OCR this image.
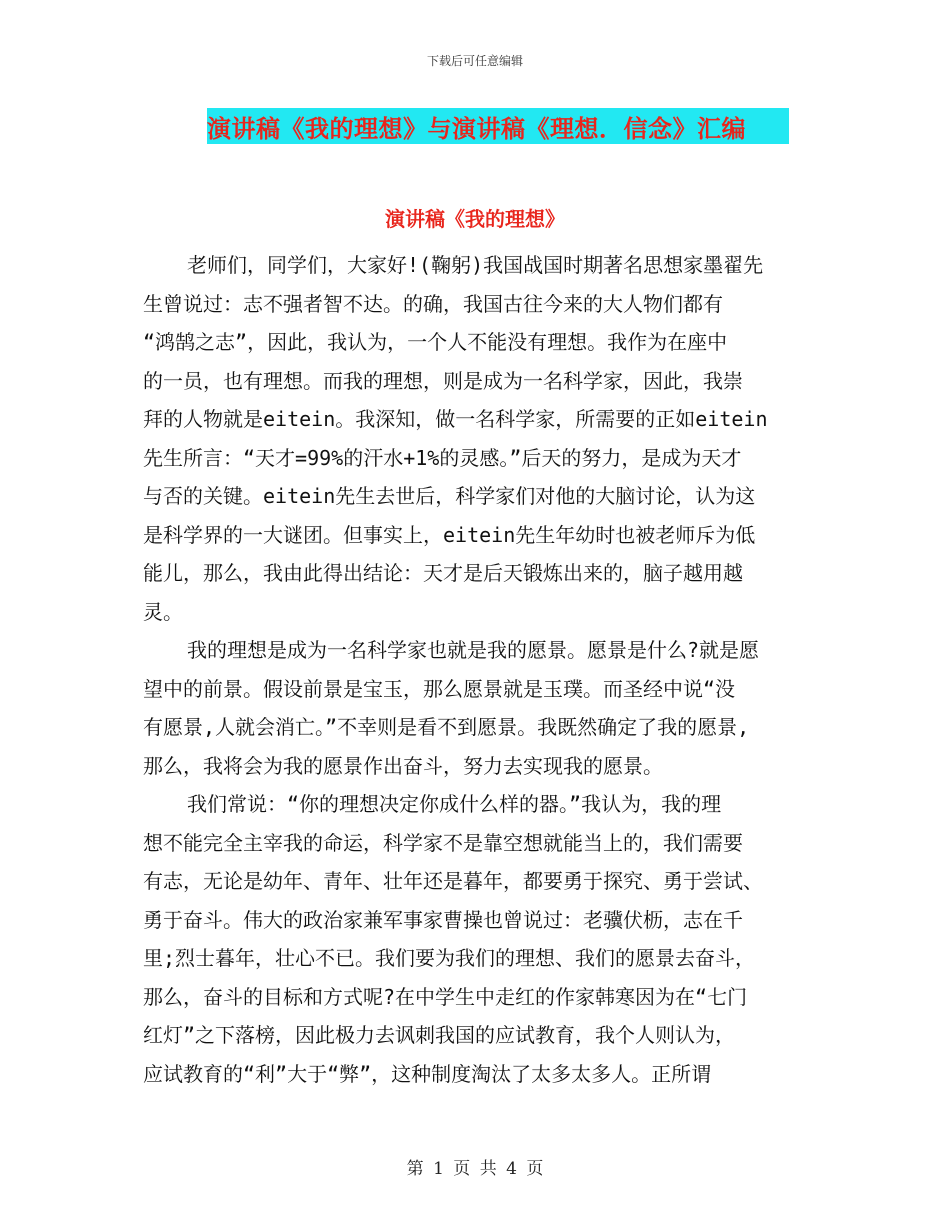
下载后可任意编辑
演讲稿《我的理想》与演讲稿《理想．信念》汇编
演讲稿《我的理想》
老师们，同学们，大家好!(鞠躬)我国战国时期著名思想家墨翟先
生曾说过：志不强者智不达。的确，我国古往今来的大人物们都有
“鸿鹄之志”，因此，我认为，一个人不能没有理想。我作为在座中
的一员，也有理想。而我的理想，则是成为一名科学家，因此，我崇
拜的人物就是eitein。我深知，做一名科学家，所需要的正如eitein
先生所言：“天才=99%的汗水+1%的灵感。”后天的努力，是成为天才
与否的关键。eitein先生去世后，科学家们对他的大脑讨论，认为这
是科学界的一大谜团。但事实上，eitein先生年幼时也被老师斥为低
能儿，那么，我由此得出结论：天才是后天锻炼出来的，脑子越用越
灵。
我的理想是成为一名科学家也就是我的愿景。愿景是什么?就是愿
望中的前景。假设前景是宝玉，那么愿景就是玉璞。而圣经中说“没
有愿景,人就会消亡。”不幸则是看不到愿景。我既然确定了我的愿景,
那么，我将会为我的愿景作出奋斗，努力去实现我的愿景。
我们常说：“你的理想决定你成什么样的器。”我认为，我的理
想不能完全主宰我的命运，科学家不是靠空想就能当上的，我们需要
有志，无论是幼年、青年、壮年还是暮年，都要勇于探究、勇于尝试、
勇于奋斗。伟大的政治家兼军事家曹操也曾说过：老骥伏枥，志在千
里;烈士暮年，壮心不已。我们要为我们的理想、我们的愿景去奋斗，
那么，奋斗的目标和方式呢?在中学生中走红的作家韩寒因为在“七门
红灯”之下落榜，因此极力去讽刺我国的应试教育，我个人则认为，
应试教育的“利”大于“弊”，这种制度淘汰了太多太多人。正所谓
第 1 页 共 4 页
